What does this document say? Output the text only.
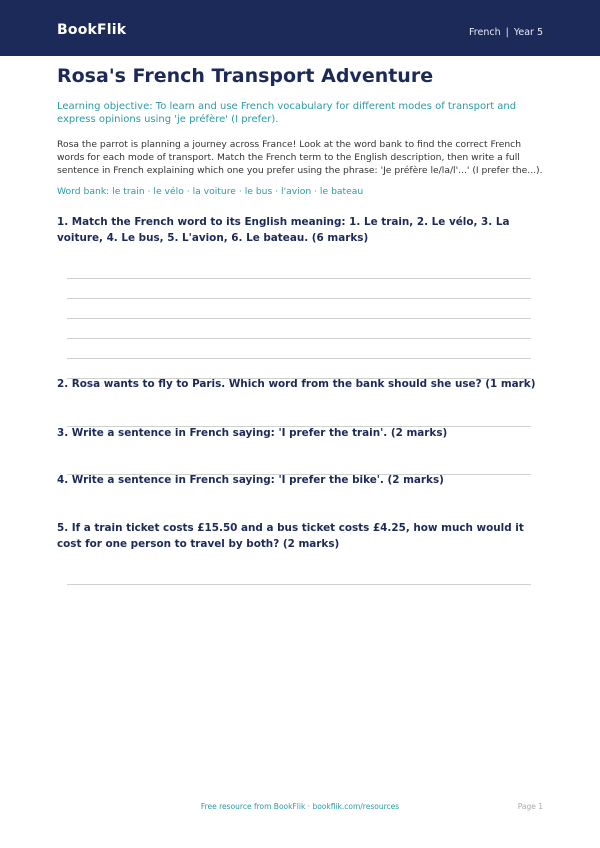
BookFlik	French | Year 5
Rosa's French Transport Adventure
Learning objective: To learn and use French vocabulary for different modes of transport and express opinions using 'je préfère' (I prefer).
Rosa the parrot is planning a journey across France! Look at the word bank to find the correct French words for each mode of transport. Match the French term to the English description, then write a full sentence in French explaining which one you prefer using the phrase: 'Je préfère le/la/l'...' (I prefer the...).
Word bank: le train · le vélo · la voiture · le bus · l'avion · le bateau
1. Match the French word to its English meaning: 1. Le train, 2. Le vélo, 3. La voiture, 4. Le bus, 5. L'avion, 6. Le bateau. (6 marks)
2. Rosa wants to fly to Paris. Which word from the bank should she use? (1 mark)
3. Write a sentence in French saying: 'I prefer the train'. (2 marks)
4. Write a sentence in French saying: 'I prefer the bike'. (2 marks)
5. If a train ticket costs £15.50 and a bus ticket costs £4.25, how much would it cost for one person to travel by both? (2 marks)
Free resource from BookFlik · bookflik.com/resources	Page 1
